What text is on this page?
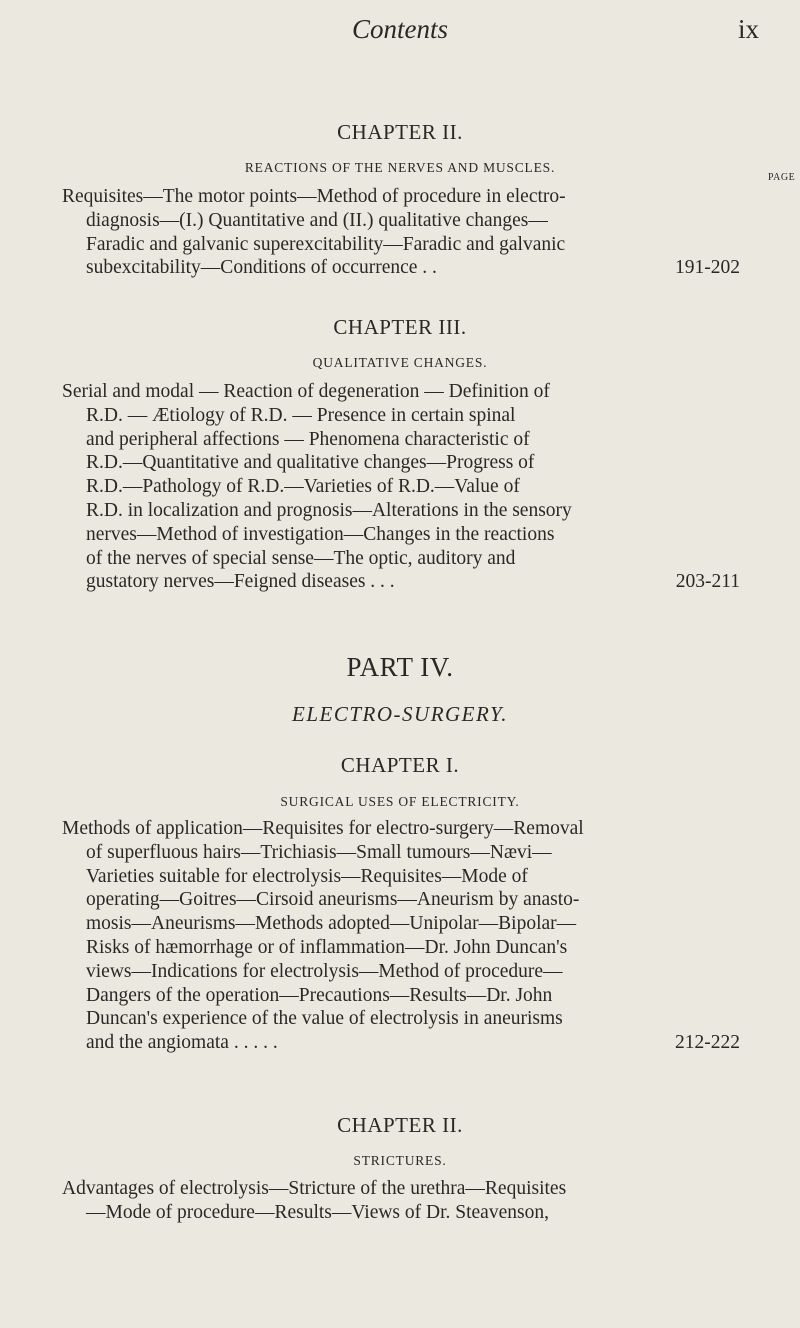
Contents	ix
CHAPTER II.
REACTIONS OF THE NERVES AND MUSCLES.
PAGE
Requisites—The motor points—Method of procedure in electro-
diagnosis—(I.) Quantitative and (II.) qualitative changes—
Faradic and galvanic superexcitability—Faradic and galvanic
subexcitability—Conditions of occurrence . .	191-202
CHAPTER III.
QUALITATIVE CHANGES.
Serial and modal — Reaction of degeneration — Definition of
R.D. — Ætiology of R.D. — Presence in certain spinal
and peripheral affections — Phenomena characteristic of
R.D.—Quantitative and qualitative changes—Progress of
R.D.—Pathology of R.D.—Varieties of R.D.—Value of
R.D. in localization and prognosis—Alterations in the sensory
nerves—Method of investigation—Changes in the reactions
of the nerves of special sense—The optic, auditory and
gustatory nerves—Feigned diseases . . .	203-211
PART IV.
ELECTRO-SURGERY.
CHAPTER I.
SURGICAL USES OF ELECTRICITY.
Methods of application—Requisites for electro-surgery—Removal
of superfluous hairs—Trichiasis—Small tumours—Nævi—
Varieties suitable for electrolysis—Requisites—Mode of
operating—Goitres—Cirsoid aneurisms—Aneurism by anasto-
mosis—Aneurisms—Methods adopted—Unipolar—Bipolar—
Risks of hæmorrhage or of inflammation—Dr. John Duncan's
views—Indications for electrolysis—Method of procedure—
Dangers of the operation—Precautions—Results—Dr. John
Duncan's experience of the value of electrolysis in aneurisms
and the angiomata . . . . .	212-222
CHAPTER II.
STRICTURES.
Advantages of electrolysis—Stricture of the urethra—Requisites
—Mode of procedure—Results—Views of Dr. Steavenson,
